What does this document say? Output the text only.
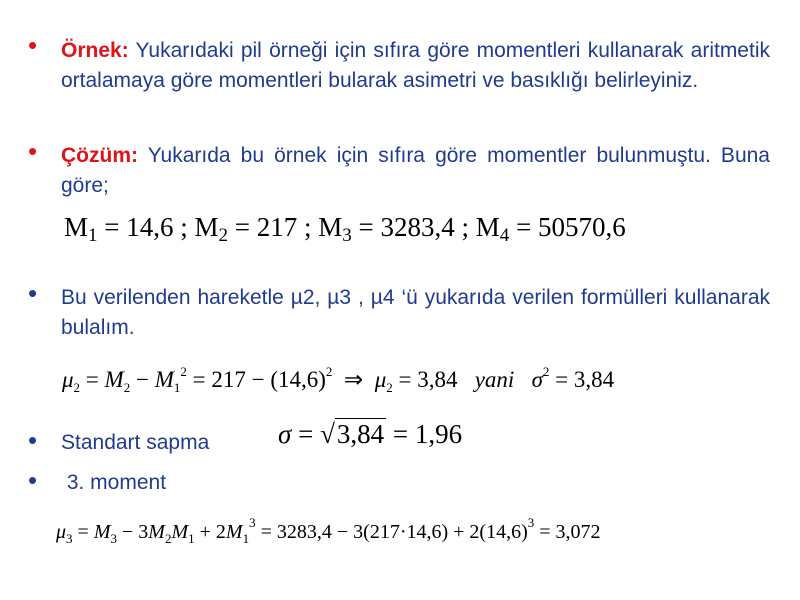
•
Örnek: Yukarıdaki pil örneği için sıfıra göre momentleri kullanarak aritmetik ortalamaya göre momentleri bularak asimetri ve basıklığı belirleyiniz.
•
Çözüm: Yukarıda bu örnek için sıfıra göre momentler bulunmuştu. Buna göre;
$M_1 = 14,6$ ; $M_2 = 217$ ; $M_3 = 3283,4$ ; $M_4 = 50570,6$
•
Bu verilenden hareketle µ2, µ3 , µ4 ‘ü yukarıda verilen formülleri kullanarak bulalım.
$\mu_2 = M_2 - M_1^2 = 217 - (14,6)^2$  ⇒  $\mu_2 = 3,84$ yani $\sigma^2 = 3,84$
•
Standart sapma	σ = √3,84 = 1,96
•
3. moment
$\mu_3 = M_3 - 3M_2M_1 + 2M_1^3 = 3283,4 - 3(217\cdot 14,6) + 2(14,6)^3 = 3,072$
